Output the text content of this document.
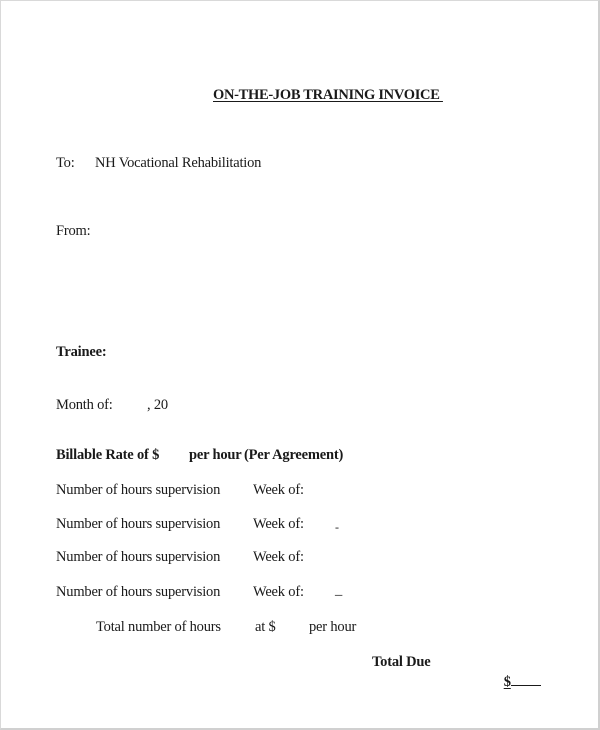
ON-THE-JOB TRAINING INVOICE
To: NH Vocational Rehabilitation
From:
Trainee:
Month of: , 20
Billable Rate of $ per hour (Per Agreement)
Number of hours supervision Week of:
Number of hours supervision Week of:	-
Number of hours supervision Week of:
Number of hours supervision Week of: _
Total number of hours at $ per hour
Total Due

$
